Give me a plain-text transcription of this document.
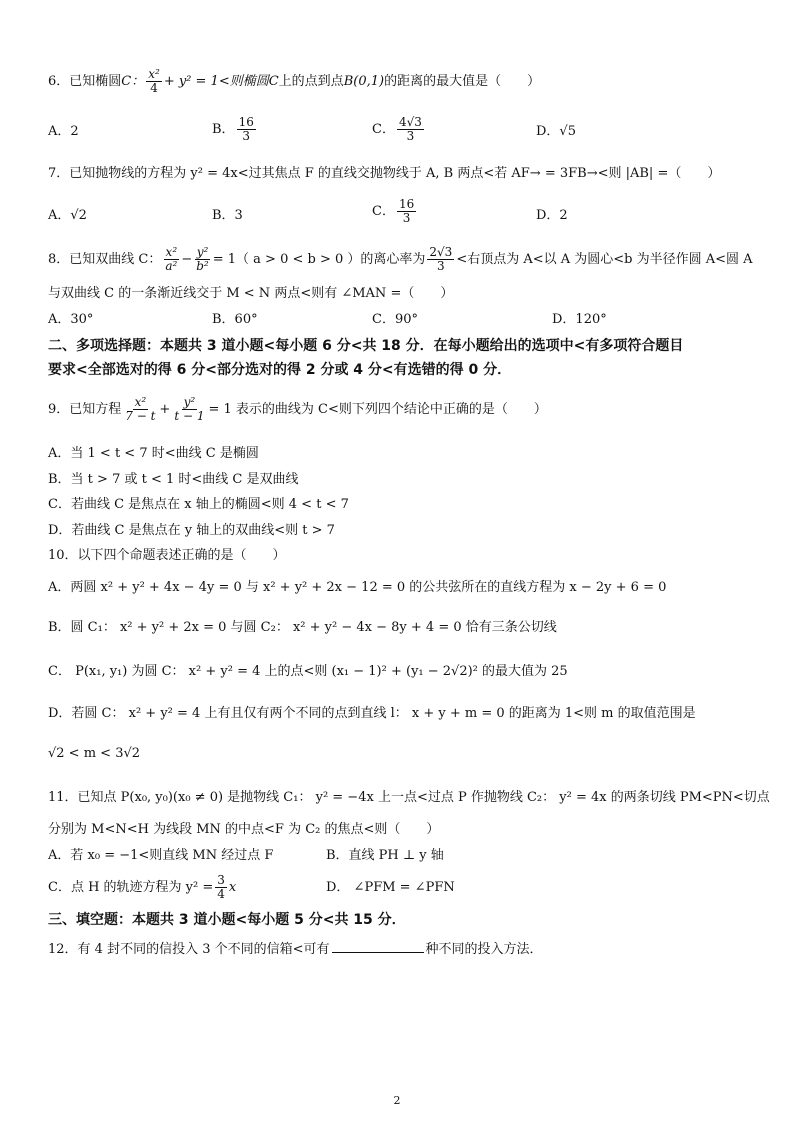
6．已知椭圆C： $\frac{\text{x²}}{4} + y^2 = 1<$则椭圆C上的点到点B(0,1)的距离的最大值是（　　）
A．2	B． $\frac{16}{3}$	C． $\frac{4√3}{3}$	D．√5
7．已知抛物线的方程为 y² = 4x<过其焦点 F 的直线交抛物线于 A, B 两点<若 AF→ = 3FB→<则 |AB| =（　　）
A．√2	B．3	C． $\frac{16}{3}$	D．2
8．已知双曲线 C： $\frac{\text{x²}}{\text{a²}} - \frac{\text{y²}}{\text{b²}} = 1$（ a > 0 < b > 0 ）的离心率为 $\frac{2√3}{3}$ <右顶点为 A<以 A 为圆心<b 为半径作圆 A<圆 A
与双曲线 C 的一条渐近线交于 M < N 两点<则有 ∠MAN =（　　）
A．30°	B．60°	C．90°	D．120°
二、多项选择题：本题共 3 道小题<每小题 6 分<共 18 分．在每小题给出的选项中<有多项符合题目
要求<全部选对的得 6 分<部分选对的得 2 分或 4 分<有选错的得 0 分．
9．已知方程 $\frac{\text{x²}}{7 - t} + \frac{\text{y²}}{t - 1} = 1$ 表示的曲线为 C<则下列四个结论中正确的是（　　）
A．当 1 < t < 7 时<曲线 C 是椭圆
B．当 t > 7 或 t < 1 时<曲线 C 是双曲线
C．若曲线 C 是焦点在 x 轴上的椭圆<则 4 < t < 7
D．若曲线 C 是焦点在 y 轴上的双曲线<则 t > 7
10．以下四个命题表述正确的是（　　）
A．两圆 x² + y² + 4x − 4y = 0 与 x² + y² + 2x − 12 = 0 的公共弦所在的直线方程为 x − 2y + 6 = 0
B．圆 C₁： x² + y² + 2x = 0 与圆 C₂： x² + y² − 4x − 8y + 4 = 0 恰有三条公切线
C． P(x₁, y₁) 为圆 C： x² + y² = 4 上的点<则 (x₁ − 1)² + (y₁ − 2√2)² 的最大值为 25
D．若圆 C： x² + y² = 4 上有且仅有两个不同的点到直线 l： x + y + m = 0 的距离为 1<则 m 的取值范围是
√2 < m < 3√2
11．已知点 P(x₀, y₀)(x₀ ≠ 0) 是抛物线 C₁： y² = −4x 上一点<过点 P 作抛物线 C₂： y² = 4x 的两条切线 PM<PN<切点
分别为 M<N<H 为线段 MN 的中点<F 为 C₂ 的焦点<则（　　）
A．若 x₀ = −1<则直线 MN 经过点 F	B．直线 PH ⊥ y 轴
C．点 H 的轨迹方程为 $y^2 = \frac{3}{4}$ x	D． ∠PFM = ∠PFN
三、填空题：本题共 3 道小题<每小题 5 分<共 15 分．
12．有 4 封不同的信投入 3 个不同的信箱<可有	种不同的投入方法．
2
